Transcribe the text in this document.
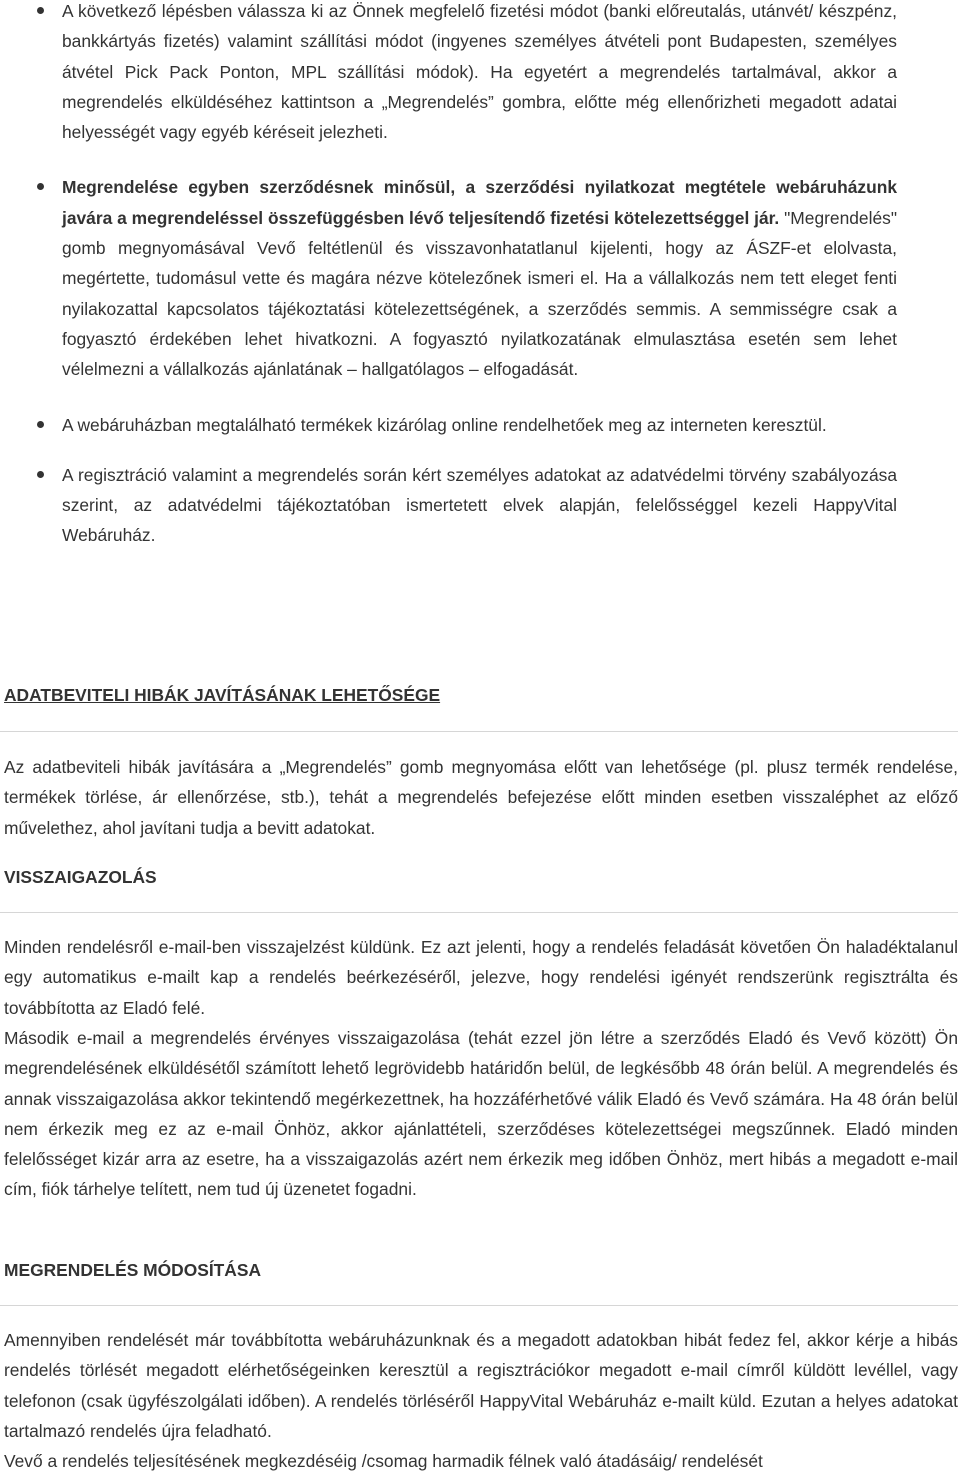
A következő lépésben válassza ki az Önnek megfelelő fizetési módot (banki előreutalás, utánvét/ készpénz, bankkártyás fizetés) valamint szállítási módot (ingyenes személyes átvételi pont Budapesten, személyes átvétel Pick Pack Ponton, MPL szállítási módok). Ha egyetért a megrendelés tartalmával, akkor a megrendelés elküldéséhez kattintson a „Megrendelés” gombra, előtte még ellenőrizheti megadott adatai helyességét vagy egyéb kéréseit jelezheti.
Megrendelése egyben szerződésnek minősül, a szerződési nyilatkozat megtétele webáruházunk javára a megrendeléssel összefüggésben lévő teljesítendő fizetési kötelezettséggel jár. "Megrendelés" gomb megnyomásával Vevő feltétlenül és visszavonhatatlanul kijelenti, hogy az ÁSZF-et elolvasta, megértette, tudomásul vette és magára nézve kötelezőnek ismeri el. Ha a vállalkozás nem tett eleget fenti nyilakozattal kapcsolatos tájékoztatási kötelezettségének, a szerződés semmis. A semmisségre csak a fogyasztó érdekében lehet hivatkozni. A fogyasztó nyilatkozatának elmulasztása esetén sem lehet vélelmezni a vállalkozás ajánlatának – hallgatólagos – elfogadását.
A webáruházban megtalálható termékek kizárólag online rendelhetőek meg az interneten keresztül.
A regisztráció valamint a megrendelés során kért személyes adatokat az adatvédelmi törvény szabályozása szerint, az adatvédelmi tájékoztatóban ismertetett elvek alapján, felelősséggel kezeli HappyVital Webáruház.
ADATBEVITELI HIBÁK JAVÍTÁSÁNAK LEHETŐSÉGE

Az adatbeviteli hibák javítására a „Megrendelés” gomb megnyomása előtt van lehetősége (pl. plusz termék rendelése, termékek törlése, ár ellenőrzése, stb.), tehát a megrendelés befejezése előtt minden esetben visszaléphet az előző művelethez, ahol javítani tudja a bevitt adatokat.

VISSZAIGAZOLÁS

Minden rendelésről e-mail-ben visszajelzést küldünk. Ez azt jelenti, hogy a rendelés feladását követően Ön haladéktalanul egy automatikus e-mailt kap a rendelés beérkezéséről, jelezve, hogy rendelési igényét rendszerünk regisztrálta és továbbította az Eladó felé.

Második e-mail a megrendelés érvényes visszaigazolása (tehát ezzel jön létre a szerződés Eladó és Vevő között) Ön megrendelésének elküldésétől számított lehető legrövidebb határidőn belül, de legkésőbb 48 órán belül. A megrendelés és annak visszaigazolása akkor tekintendő megérkezettnek, ha hozzáférhetővé válik Eladó és Vevő számára. Ha 48 órán belül nem érkezik meg ez az e-mail Önhöz, akkor ajánlattételi, szerződéses kötelezettségei megszűnnek. Eladó minden felelősséget kizár arra az esetre, ha a visszaigazolás azért nem érkezik meg időben Önhöz, mert hibás a megadott e-mail cím, fiók tárhelye telített, nem tud új üzenetet fogadni.

MEGRENDELÉS MÓDOSÍTÁSA

Amennyiben rendelését már továbbította webáruházunknak és a megadott adatokban hibát fedez fel, akkor kérje a hibás rendelés törlését megadott elérhetőségeinken keresztül a regisztrációkor megadott e-mail címről küldött levéllel, vagy telefonon (csak ügyfészolgálati időben). A rendelés törléséről HappyVital Webáruház e-mailt küld. Ezutan a helyes adatokat tartalmazó rendelés újra feladható.

Vevő a rendelés teljesítésének megkezdéséig /csomag harmadik félnek való átadásáig/ rendelését
